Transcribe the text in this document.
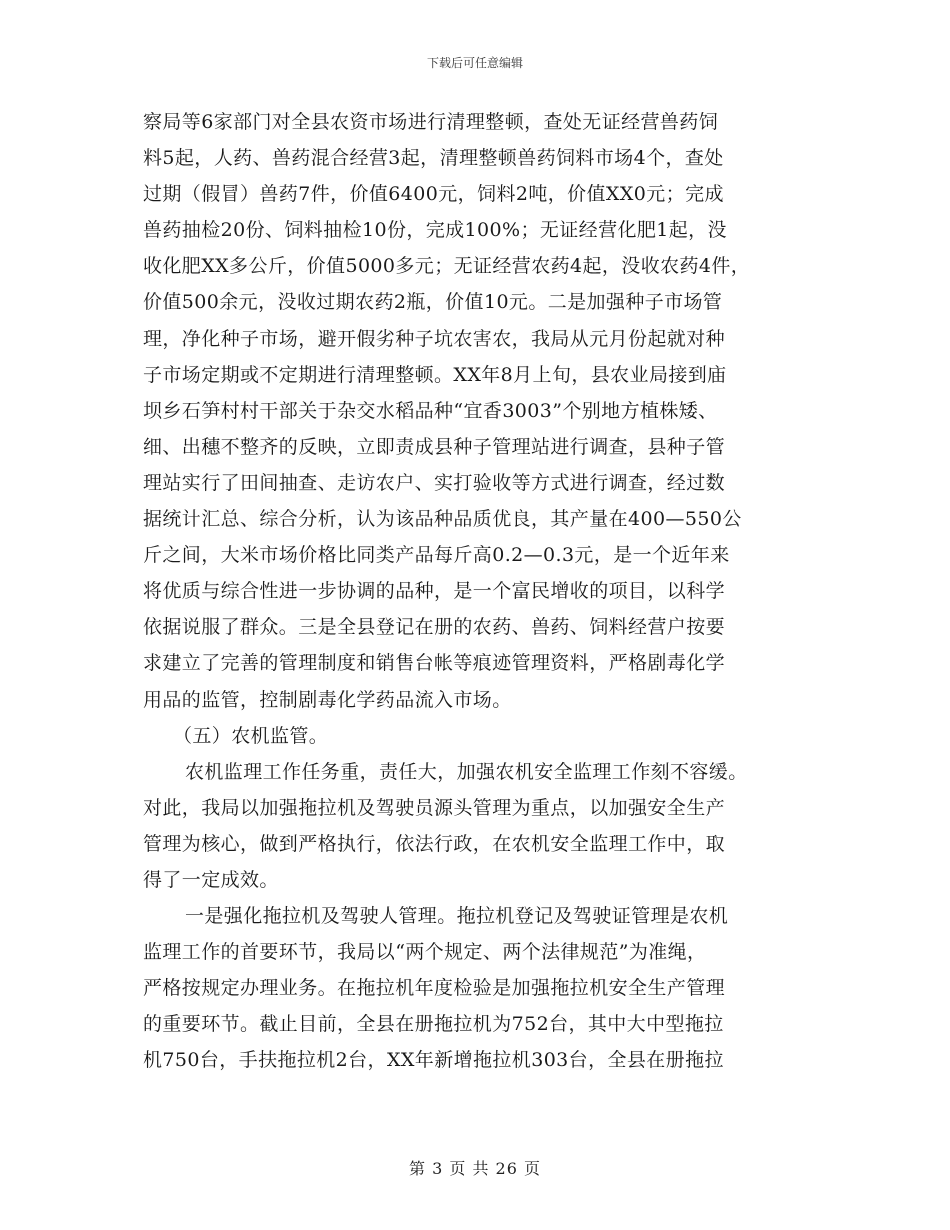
下载后可任意编辑
察局等6家部门对全县农资市场进行清理整顿，查处无证经营兽药饲
料5起，人药、兽药混合经营3起，清理整顿兽药饲料市场4个，查处
过期（假冒）兽药7件，价值6400元，饲料2吨，价值XX0元；完成
兽药抽检20份、饲料抽检10份，完成100%；无证经营化肥1起，没
收化肥XX多公斤，价值5000多元；无证经营农药4起，没收农药4件，
价值500余元，没收过期农药2瓶，价值10元。二是加强种子市场管
理，净化种子市场，避开假劣种子坑农害农，我局从元月份起就对种
子市场定期或不定期进行清理整顿。XX年8月上旬，县农业局接到庙
坝乡石笋村村干部关于杂交水稻品种“宜香3003”个别地方植株矮、
细、出穗不整齐的反映，立即责成县种子管理站进行调查，县种子管
理站实行了田间抽查、走访农户、实打验收等方式进行调查，经过数
据统计汇总、综合分析，认为该品种品质优良，其产量在400—550公
斤之间，大米市场价格比同类产品每斤高0.2—0.3元，是一个近年来
将优质与综合性进一步协调的品种，是一个富民增收的项目，以科学
依据说服了群众。三是全县登记在册的农药、兽药、饲料经营户按要
求建立了完善的管理制度和销售台帐等痕迹管理资料，严格剧毒化学
用品的监管，控制剧毒化学药品流入市场。
（五）农机监管。
农机监理工作任务重，责任大，加强农机安全监理工作刻不容缓。
对此，我局以加强拖拉机及驾驶员源头管理为重点，以加强安全生产
管理为核心，做到严格执行，依法行政，在农机安全监理工作中，取
得了一定成效。
一是强化拖拉机及驾驶人管理。拖拉机登记及驾驶证管理是农机
监理工作的首要环节，我局以“两个规定、两个法律规范”为准绳，
严格按规定办理业务。在拖拉机年度检验是加强拖拉机安全生产管理
的重要环节。截止目前，全县在册拖拉机为752台，其中大中型拖拉
机750台，手扶拖拉机2台，XX年新增拖拉机303台，全县在册拖拉
第 3 页 共 26 页
